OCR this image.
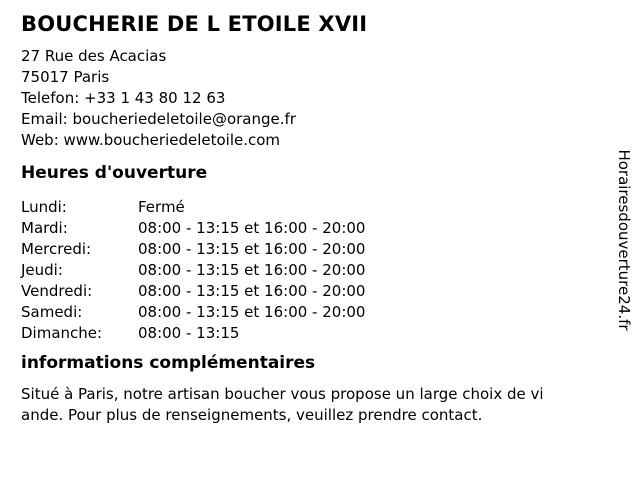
BOUCHERIE DE L ETOILE XVII
27 Rue des Acacias
75017 Paris
Telefon: +33 1 43 80 12 63
Email: boucheriedeletoile@orange.fr
Web: www.boucheriedeletoile.com
Heures d'ouverture
Lundi:	Fermé
Mardi:	08:00 - 13:15 et 16:00 - 20:00
Mercredi:	08:00 - 13:15 et 16:00 - 20:00
Jeudi:	08:00 - 13:15 et 16:00 - 20:00
Vendredi:	08:00 - 13:15 et 16:00 - 20:00
Samedi:	08:00 - 13:15 et 16:00 - 20:00
Dimanche:	08:00 - 13:15
informations complémentaires
Situé à Paris, notre artisan boucher vous propose un large choix de vi
ande. Pour plus de renseignements, veuillez prendre contact.
Horairesdouverture24.fr
